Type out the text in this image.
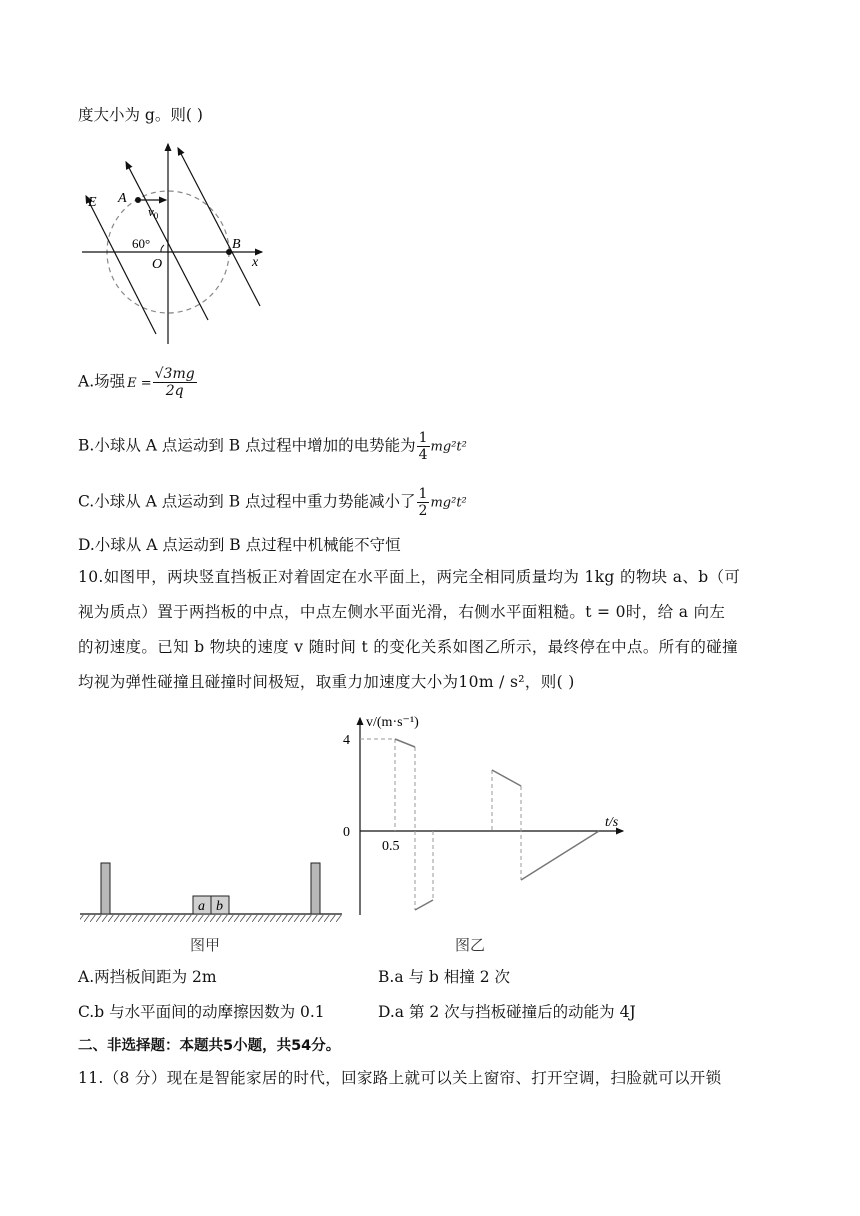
度大小为 g。则( )
E A
$v_0$
60°
O
B
x
A.场强 $E = \frac{√3mg}{2q}$
B.小球从 A 点运动到 B 点过程中增加的电势能为 $\frac{1}{4} mg^2t^2$
C.小球从 A 点运动到 B 点过程中重力势能减小了 $\frac{1}{2} mg^2t^2$
D.小球从 A 点运动到 B 点过程中机械能不守恒
10.如图甲，两块竖直挡板正对着固定在水平面上，两完全相同质量均为 1kg 的物块 a、b（可
视为质点）置于两挡板的中点，中点左侧水平面光滑，右侧水平面粗糙。t = 0时，给 a 向左
的初速度。已知 b 物块的速度 v 随时间 t 的变化关系如图乙所示，最终停在中点。所有的碰撞
均视为弹性碰撞且碰撞时间极短，取重力加速度大小为10m / s²，则( )
a b
图甲
v/(m·s⁻¹)
t/s
4
0
0.5
图乙
A.两挡板间距为 2m	B.a 与 b 相撞 2 次
C.b 与水平面间的动摩擦因数为 0.1	D.a 第 2 次与挡板碰撞后的动能为 4J
二、非选择题：本题共5小题，共54分。
11.（8 分）现在是智能家居的时代，回家路上就可以关上窗帘、打开空调，扫脸就可以开锁
